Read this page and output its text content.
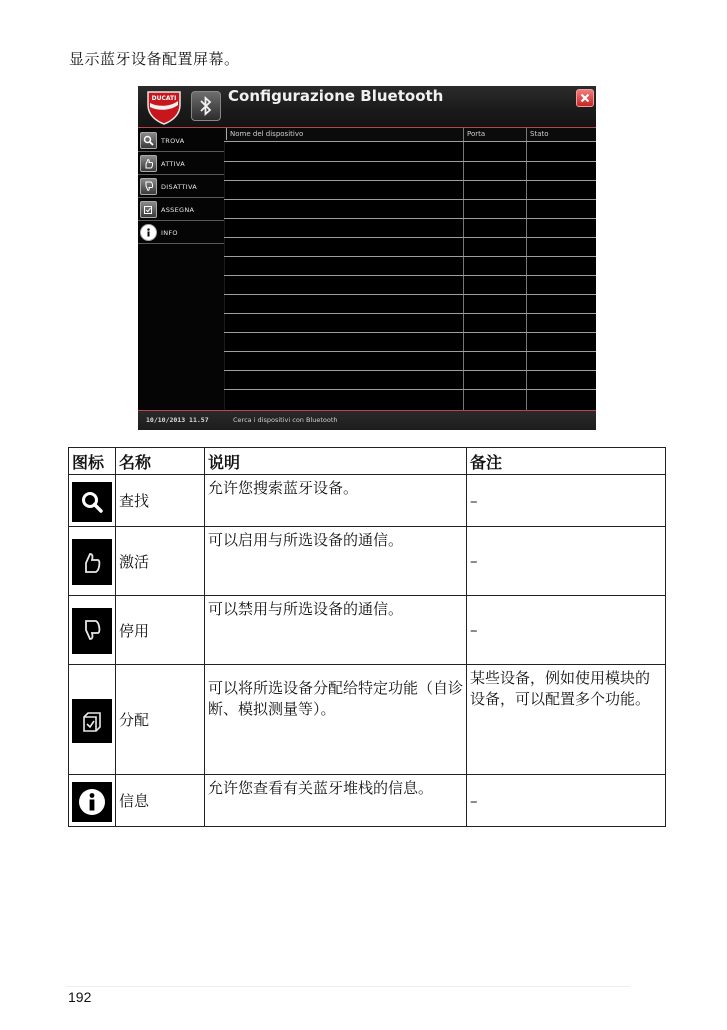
显示蓝牙设备配置屏幕。
DUCATI	Configurazione Bluetooth
TROVA
ATTIVA
DISATTIVA
ASSEGNA
INFO
Nome del dispositivo	Porta	Stato
10/10/2013 11.57	Cerca i dispositivi con Bluetooth
图标	名称	说明	备注

	查找	允许您搜索蓝牙设备。	–

	激活	可以启用与所选设备的通信。	–

	停用	可以禁用与所选设备的通信。	–

	分配	可以将所选设备分配给特定功能（自诊断、模拟测量等）。	某些设备，例如使用模块的设备，可以配置多个功能。

	信息	允许您查看有关蓝牙堆栈的信息。	–
192
